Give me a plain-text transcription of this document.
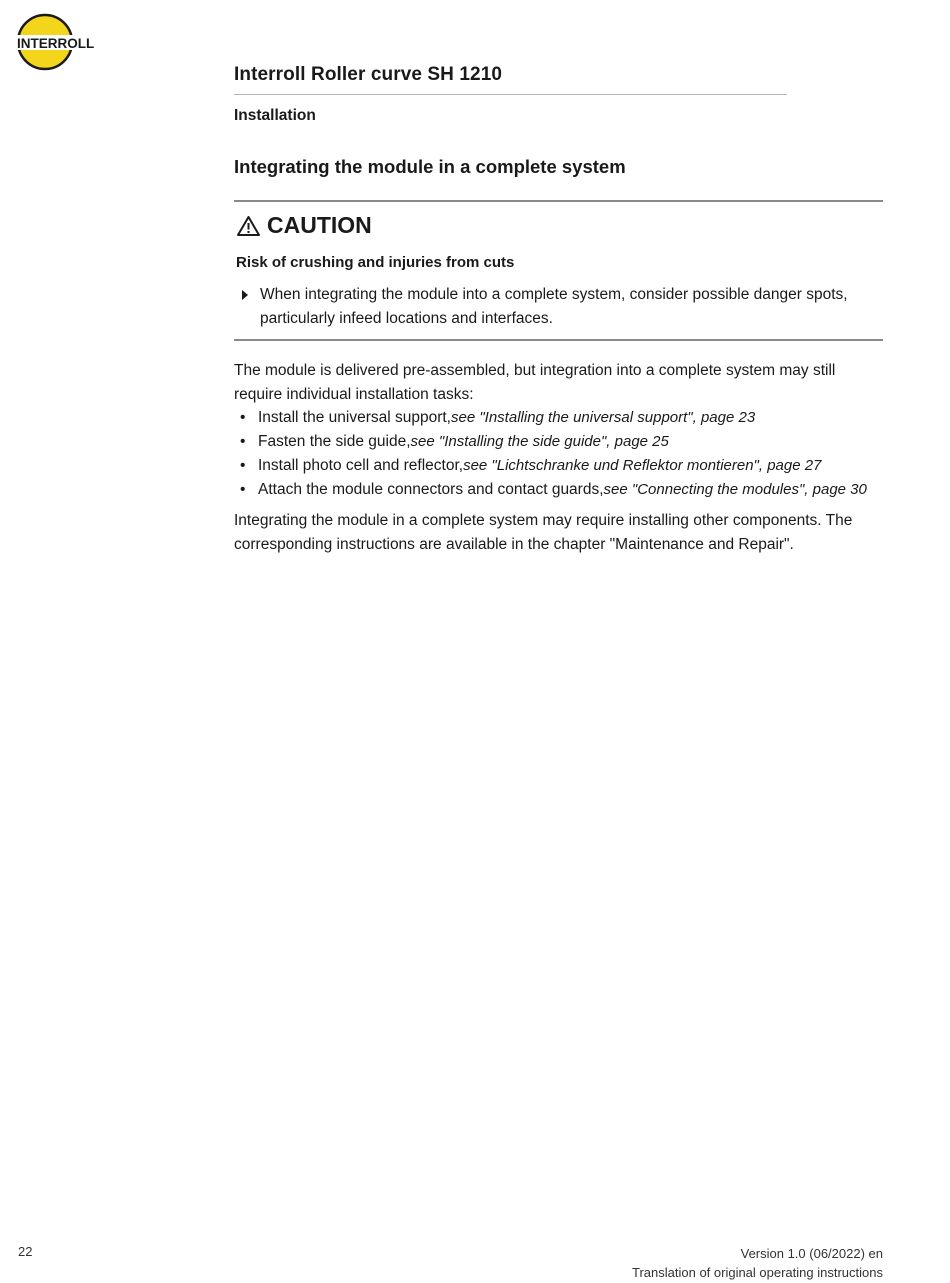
INTERROLL
Interroll Roller curve SH 1210
Installation
Integrating the module in a complete system
CAUTION
Risk of crushing and injuries from cuts
When integrating the module into a complete system, consider possible danger spots, particularly infeed locations and interfaces.
The module is delivered pre-assembled, but integration into a complete system may still require individual installation tasks:
• Install the universal support, see "Installing the universal support", page 23
• Fasten the side guide, see "Installing the side guide", page 25
• Install photo cell and reflector, see "Lichtschranke und Reflektor montieren", page 27
• Attach the module connectors and contact guards, see "Connecting the modules", page 30
Integrating the module in a complete system may require installing other components. The corresponding instructions are available in the chapter "Maintenance and Repair".
22	Version 1.0 (06/2022) en
Translation of original operating instructions
